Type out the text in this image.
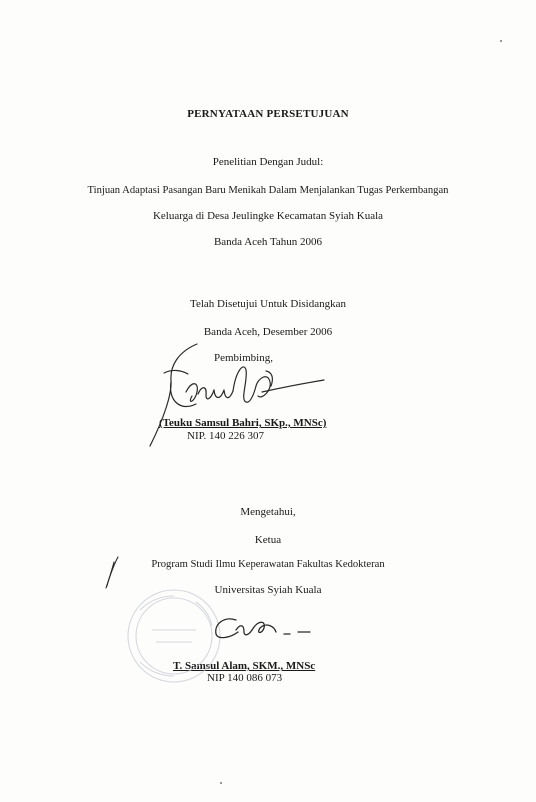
PERNYATAAN PERSETUJUAN
Penelitian Dengan Judul:
Tinjuan Adaptasi Pasangan Baru Menikah Dalam Menjalankan Tugas Perkembangan
Keluarga di Desa Jeulingke Kecamatan Syiah Kuala
Banda Aceh Tahun 2006
Telah Disetujui Untuk Disidangkan
Banda Aceh, Desember 2006
Pembimbing,
(Teuku Samsul Bahri, SKp., MNSc)
NIP. 140 226 307
Mengetahui,
Ketua
Program Studi Ilmu Keperawatan Fakultas Kedokteran
Universitas Syiah Kuala
T. Samsul Alam, SKM., MNSc
NIP 140 086 073
